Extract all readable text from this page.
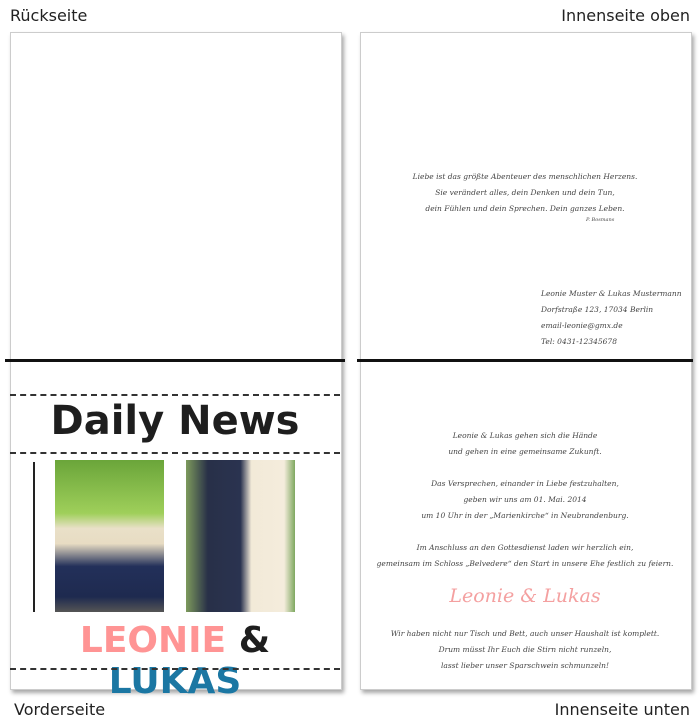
Rückseite	Innenseite oben
Vorderseite	Innenseite unten
Daily News
LEONIE & LUKAS
Liebe ist das größte Abenteuer des menschlichen Herzens.
Sie verändert alles, dein Denken und dein Tun,
dein Fühlen und dein Sprechen. Dein ganzes Leben.
P. Bosmans
Leonie Muster & Lukas Mustermann
Dorfstraße 123, 17034 Berlin
email-leonie@gmx.de
Tel: 0431-12345678
Leonie & Lukas gehen sich die Hände
und gehen in eine gemeinsame Zukunft.
Das Versprechen, einander in Liebe festzuhalten,
geben wir uns am 01. Mai. 2014
um 10 Uhr in der „Marienkirche“ in Neubrandenburg.
Im Anschluss an den Gottesdienst laden wir herzlich ein,
gemeinsam im Schloss „Belvedere“ den Start in unsere Ehe festlich zu feiern.
Leonie & Lukas
Wir haben nicht nur Tisch und Bett, auch unser Haushalt ist komplett.
Drum müsst Ihr Euch die Stirn nicht runzeln,
lasst lieber unser Sparschwein schmunzeln!
